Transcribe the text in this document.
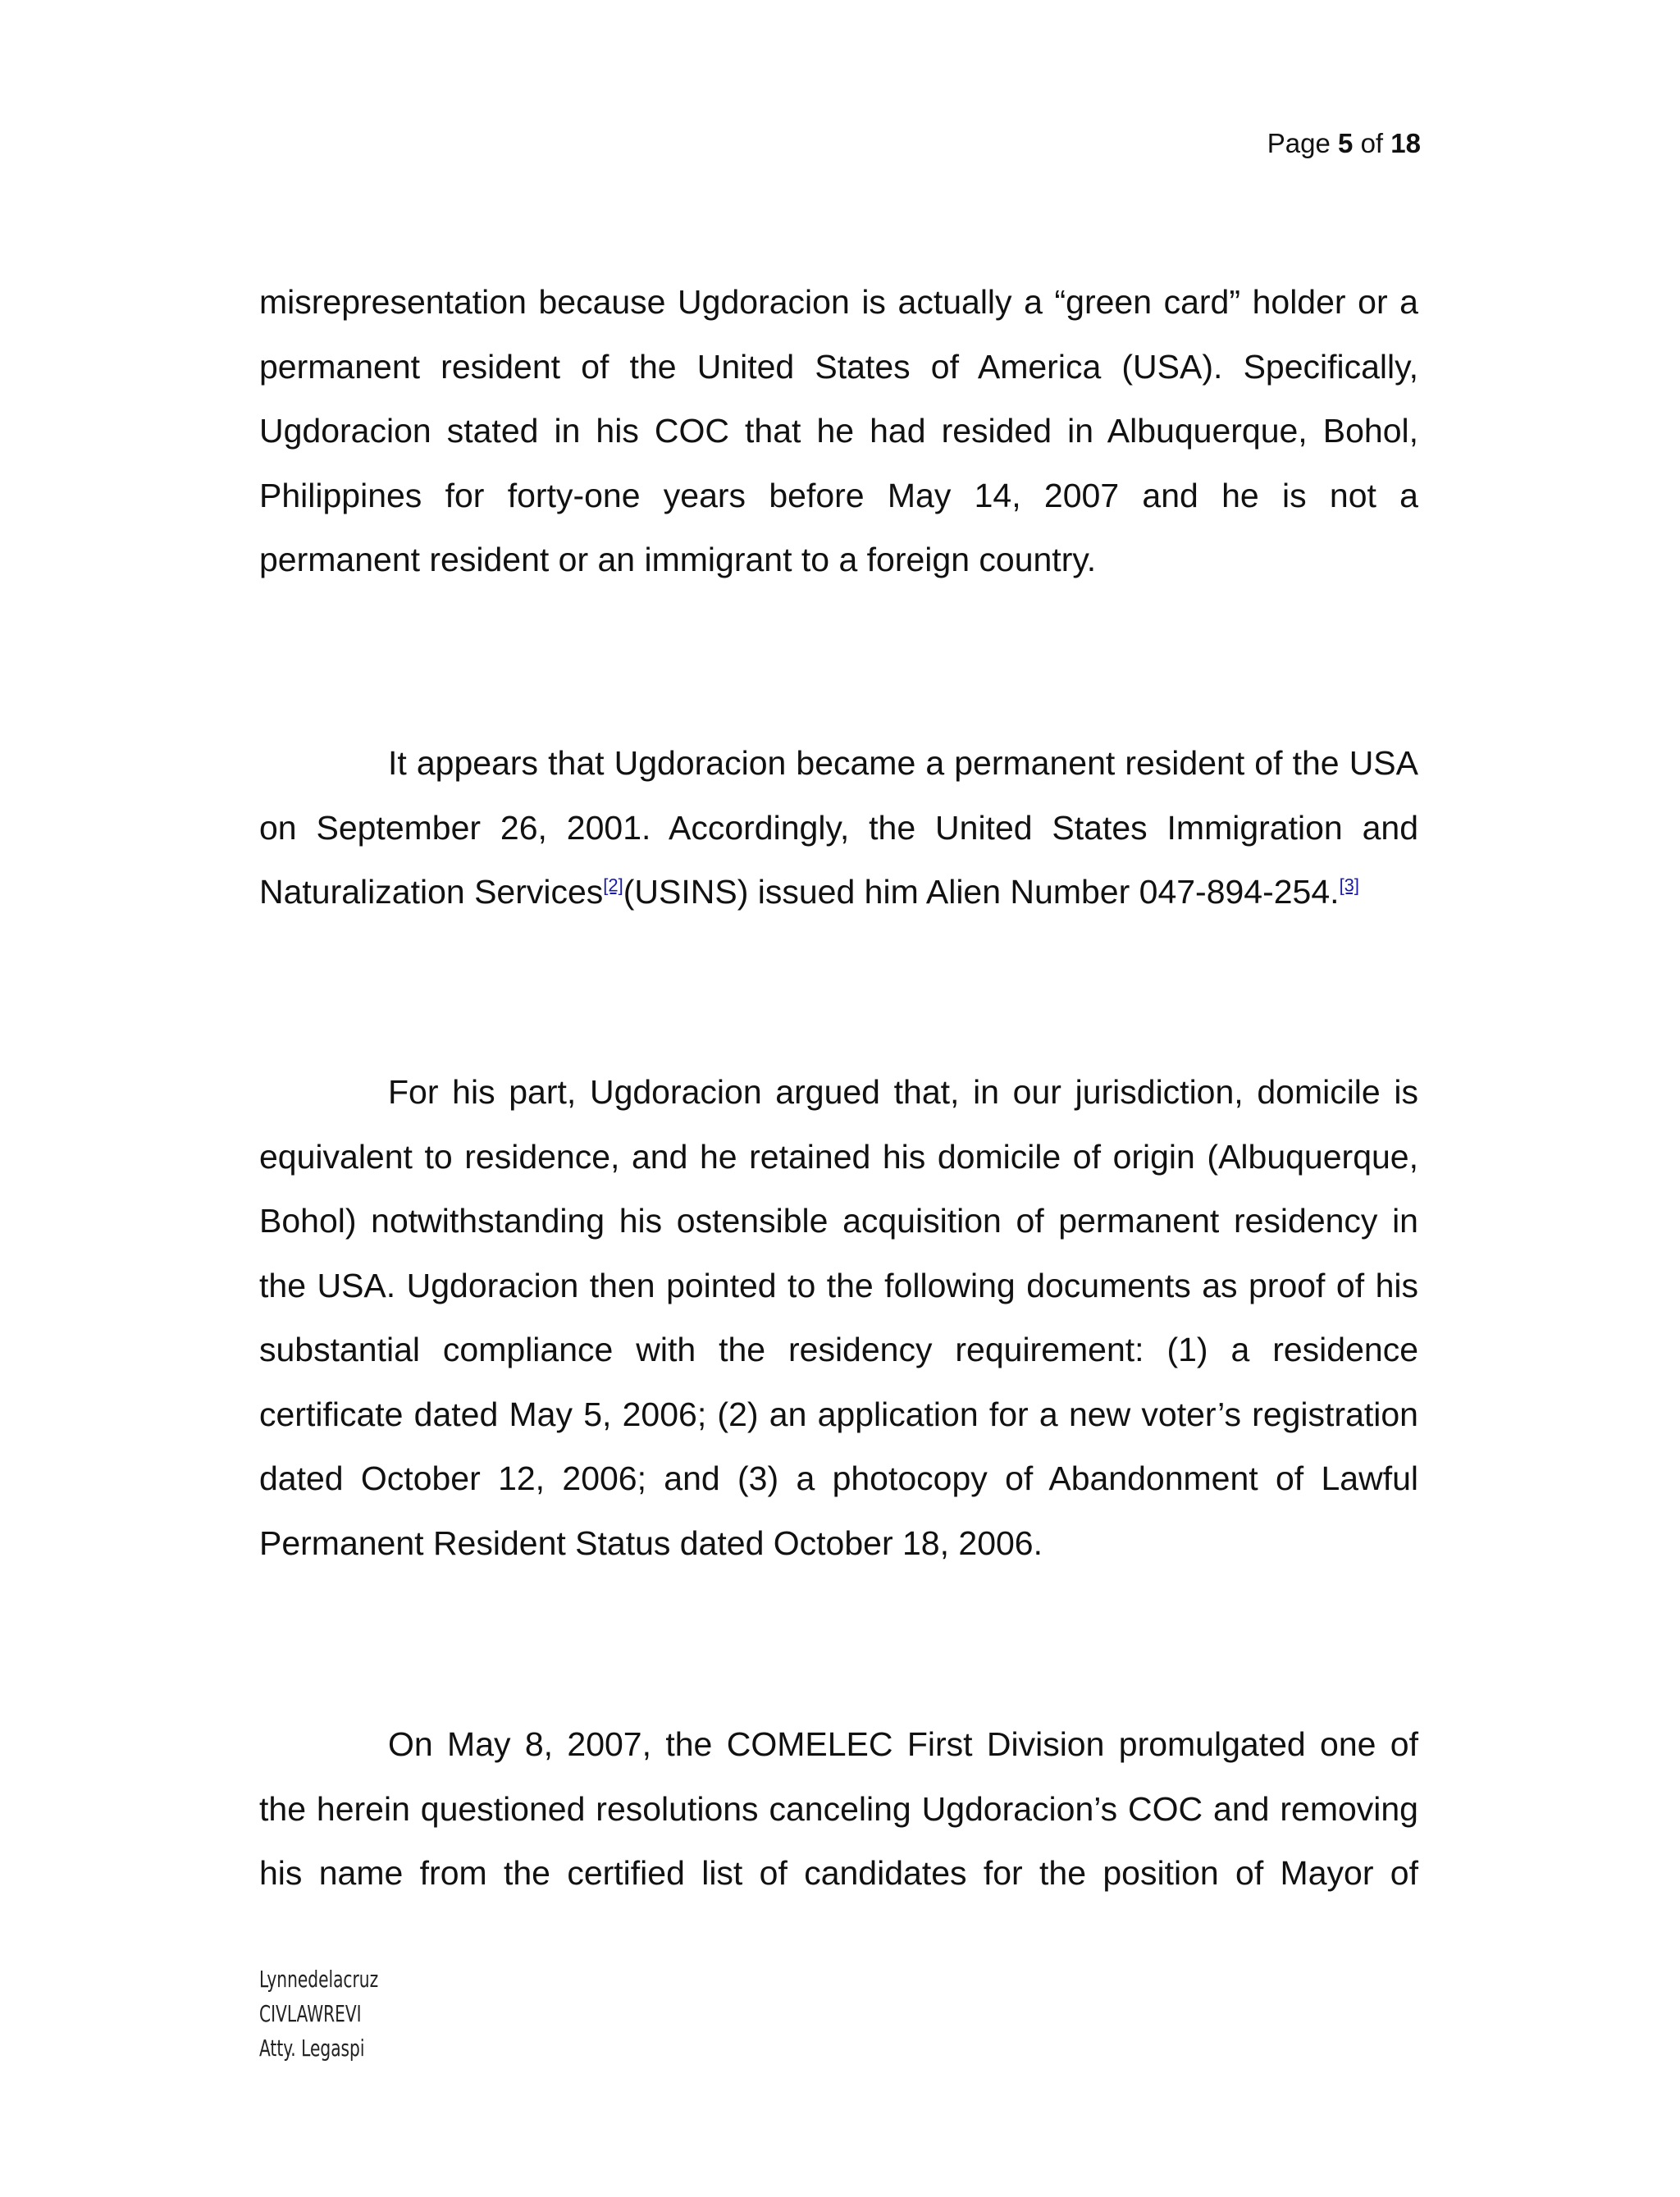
Page 5 of 18

misrepresentation because Ugdoracion is actually a “green card” holder or a permanent resident of the United States of America (USA). Specifically, Ugdoracion stated in his COC that he had resided in Albuquerque, Bohol, Philippines for forty-one years before May 14, 2007 and he is not a permanent resident or an immigrant to a foreign country.

It appears that Ugdoracion became a permanent resident of the USA on September 26, 2001. Accordingly, the United States Immigration and Naturalization Services[2](USINS) issued him Alien Number 047-894-254.[3]

For his part, Ugdoracion argued that, in our jurisdiction, domicile is equivalent to residence, and he retained his domicile of origin (Albuquerque, Bohol) notwithstanding his ostensible acquisition of permanent residency in the USA. Ugdoracion then pointed to the following documents as proof of his substantial compliance with the residency requirement: (1) a residence certificate dated May 5, 2006; (2) an application for a new voter’s registration dated October 12, 2006; and (3) a photocopy of Abandonment of Lawful Permanent Resident Status dated October 18, 2006.

On May 8, 2007, the COMELEC First Division promulgated one of the herein questioned resolutions canceling Ugdoracion’s COC and removing his name from the certified list of candidates for the position of Mayor of

Lynnedelacruz
CIVLAWREVI
Atty. Legaspi
